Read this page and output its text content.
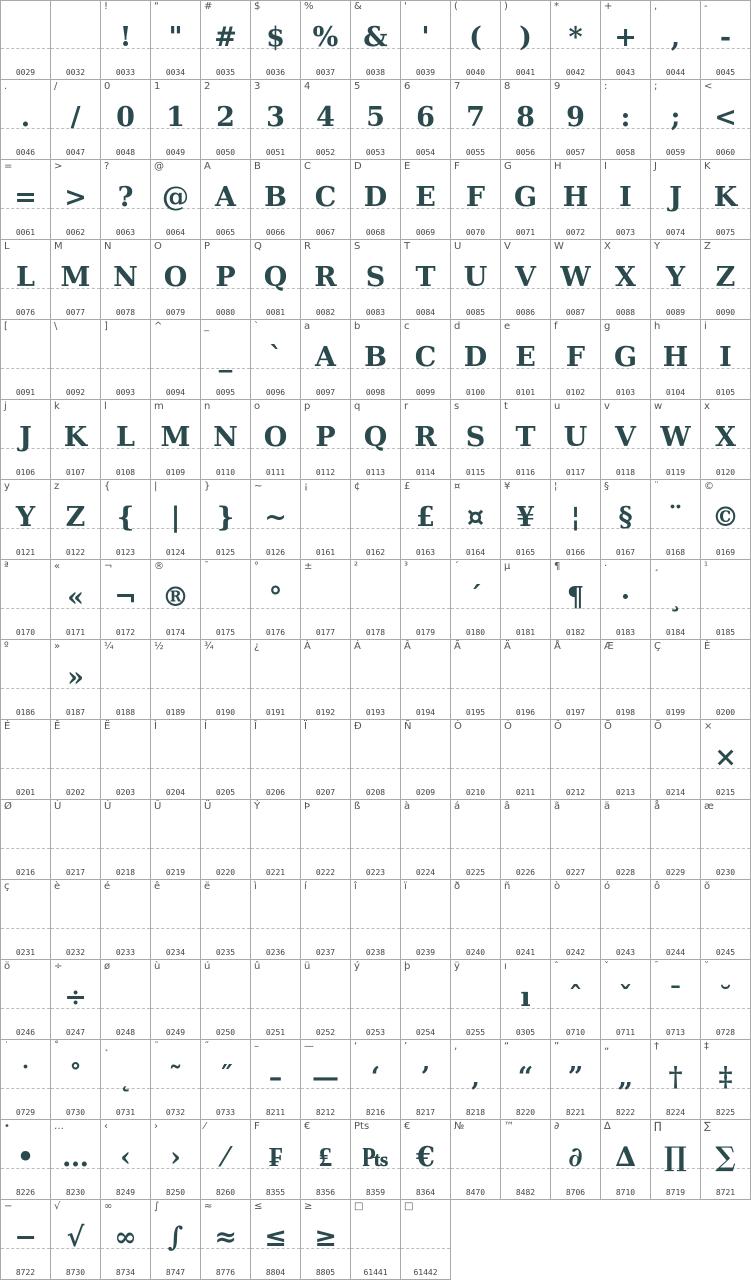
0029	0032
!
!
0033
"
"
0034
#
#
0035
$
$
0036
%
%
0037
&
&
0038
'
'
0039
(
(
0040
)
)
0041
*
*
0042
+
+
0043
,
,
0044
-
-
0045
.
.
0046
/
/
0047
0
0
0048
1
1
0049
2
2
0050
3
3
0051
4
4
0052
5
5
0053
6
6
0054
7
7
0055
8
8
0056
9
9
0057
:
:
0058
;
;
0059
<
<
0060
=
=
0061
>
>
0062
?
?
0063
@
@
0064
A
A
0065
B
B
0066
C
C
0067
D
D
0068
E
E
0069
F
F
0070
G
G
0071
H
H
0072
I
I
0073
J
J
0074
K
K
0075
L
L
0076
M
M
0077
N
N
0078
O
O
0079
P
P
0080
Q
Q
0081
R
R
0082
S
S
0083
T
T
0084
U
U
0085
V
V
0086
W
W
0087
X
X
0088
Y
Y
0089
Z
Z
0090
[
0091
\
0092
]
0093
^
0094
_
_
0095
`
`
0096
a
A
0097
b
B
0098
c
C
0099
d
D
0100
e
E
0101
f
F
0102
g
G
0103
h
H
0104
i
I
0105
j
J
0106
k
K
0107
l
L
0108
m
M
0109
n
N
0110
o
O
0111
p
P
0112
q
Q
0113
r
R
0114
s
S
0115
t
T
0116
u
U
0117
v
V
0118
w
W
0119
x
X
0120
y
Y
0121
z
Z
0122
{
{
0123
|
|
0124
}
}
0125
~
~
0126
¡
0161
¢
0162
£
£
0163
¤
¤
0164
¥
¥
0165
¦
¦
0166
§
§
0167
¨
¨
0168
©
©
0169
ª
0170
«
«
0171
¬
¬
0172
®
®
0174
¯
0175
°
°
0176
±
0177
²
0178
³
0179
´
´
0180
µ
0181
¶
¶
0182
·
·
0183
¸
¸
0184
¹
0185
º
0186
»
»
0187
¼
0188
½
0189
¾
0190
¿
0191
À
0192
Á
0193
Â
0194
Ã
0195
Ä
0196
Å
0197
Æ
0198
Ç
0199
È
0200
É
0201
Ê
0202
Ë
0203
Ì
0204
Í
0205
Î
0206
Ï
0207
Ð
0208
Ñ
0209
Ò
0210
Ó
0211
Ô
0212
Õ
0213
Ö
0214
×
×
0215
Ø
0216
Ù
0217
Ú
0218
Û
0219
Ü
0220
Ý
0221
Þ
0222
ß
0223
à
0224
á
0225
â
0226
ã
0227
ä
0228
å
0229
æ
0230
ç
0231
è
0232
é
0233
ê
0234
ë
0235
ì
0236
í
0237
î
0238
ï
0239
ð
0240
ñ
0241
ò
0242
ó
0243
ô
0244
õ
0245
ö
0246
÷
÷
0247
ø
0248
ù
0249
ú
0250
û
0251
ü
0252
ý
0253
þ
0254
ÿ
0255
ı
ı
0305
ˆ
ˆ
0710
ˇ
ˇ
0711
ˉ
ˉ
0713
˘
˘
0728
˙
˙
0729
˚
˚
0730
˛
˛
0731
˜
˜
0732
˝
˝
0733
–
–
8211
—
—
8212
‘
‘
8216
’
’
8217
‚
‚
8218
“
“
8220
”
”
8221
„
„
8222
†
†
8224
‡
‡
8225
•
•
8226
…
…
8230
‹
‹
8249
›
›
8250
⁄
⁄
8260
F
₣
8355
€
₤
8356
Pts
₧
8359
€
€
8364
№
8470
™
8482
∂
∂
8706
∆
∆
8710
∏
∏
8719
∑
∑
8721
−
−
8722
√
√
8730
∞
∞
8734
∫
∫
8747
≈
≈
8776
≤
≤
8804
≥
≥
8805
□
61441
□
61442
